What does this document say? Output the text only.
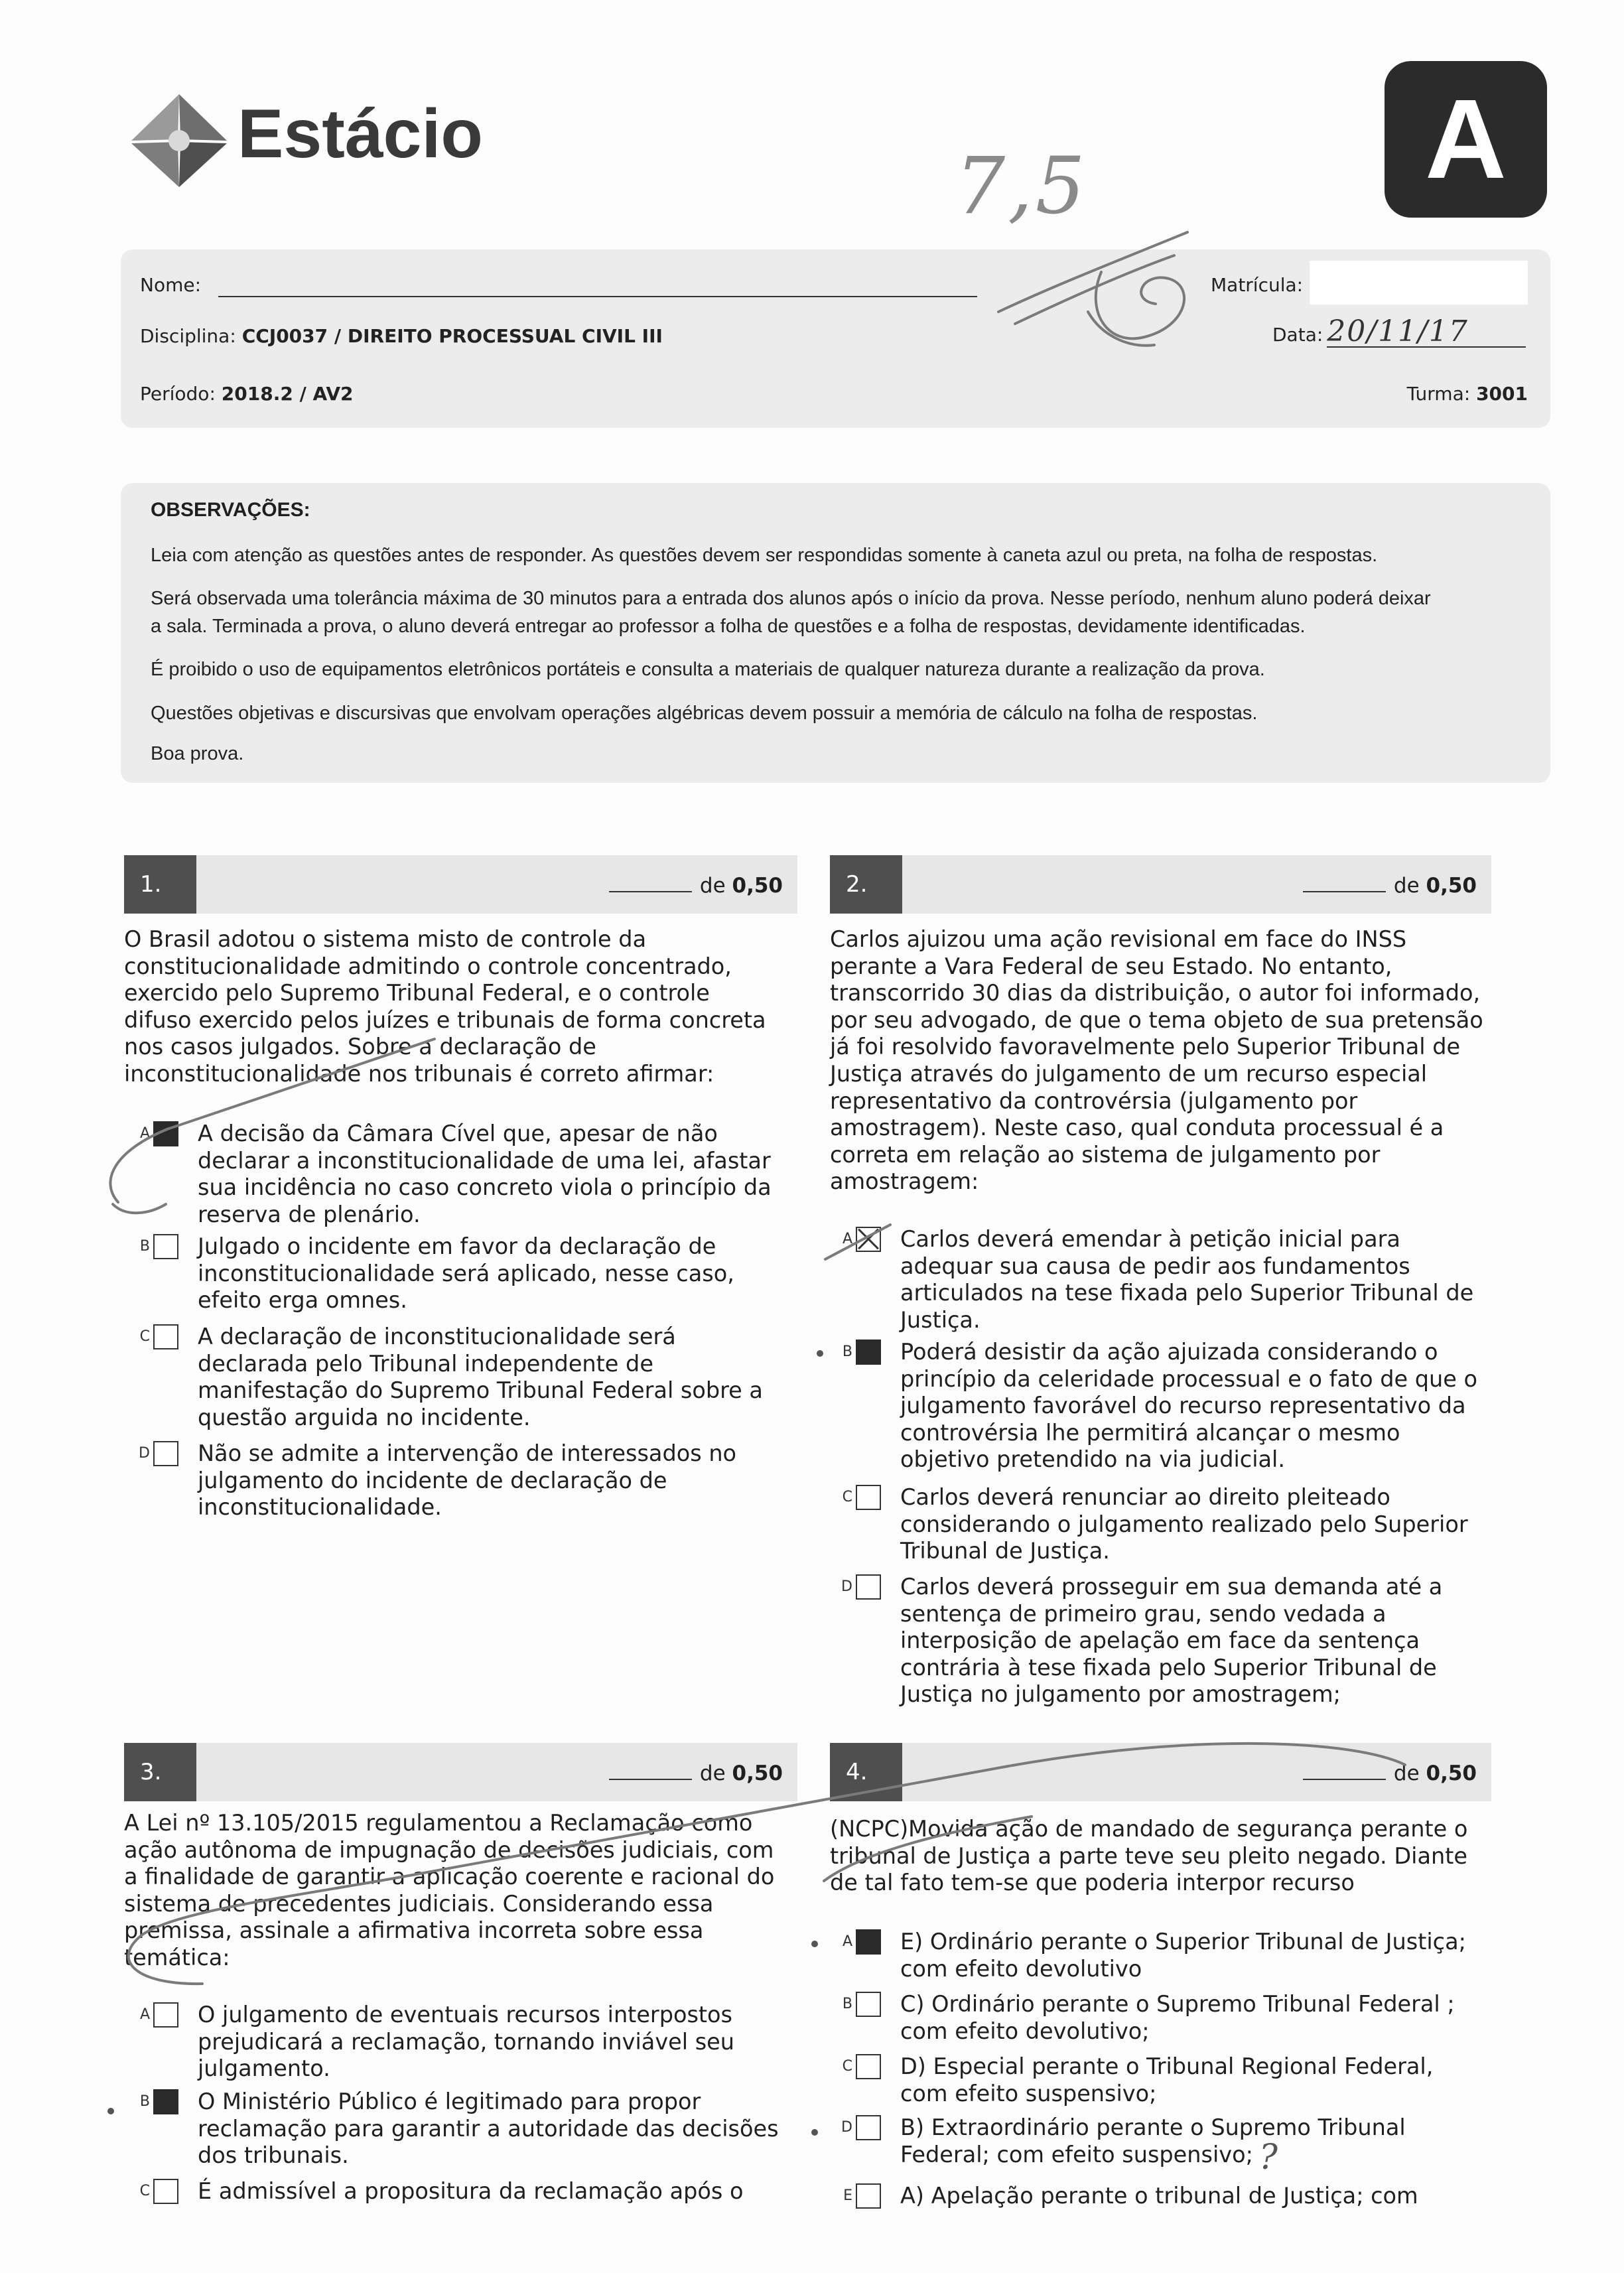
Estácio	A
7,5
Nome:	Matrícula:
Disciplina: CCJ0037 / DIREITO PROCESSUAL CIVIL III	Data: 20/11/17
Período: 2018.2 / AV2	Turma: 3001
OBSERVAÇÕES:
Leia com atenção as questões antes de responder. As questões devem ser respondidas somente à caneta azul ou preta, na folha de respostas.
Será observada uma tolerância máxima de 30 minutos para a entrada dos alunos após o início da prova. Nesse período, nenhum aluno poderá deixar
a sala. Terminada a prova, o aluno deverá entregar ao professor a folha de questões e a folha de respostas, devidamente identificadas.
É proibido o uso de equipamentos eletrônicos portáteis e consulta a materiais de qualquer natureza durante a realização da prova.
Questões objetivas e discursivas que envolvam operações algébricas devem possuir a memória de cálculo na folha de respostas.
Boa prova.
1.	de 0,50
O Brasil adotou o sistema misto de controle da
constitucionalidade admitindo o controle concentrado,
exercido pelo Supremo Tribunal Federal, e o controle
difuso exercido pelos juízes e tribunais de forma concreta
nos casos julgados. Sobre a declaração de
inconstitucionalidade nos tribunais é correto afirmar:
A A decisão da Câmara Cível que, apesar de não
declarar a inconstitucionalidade de uma lei, afastar
sua incidência no caso concreto viola o princípio da
reserva de plenário.
B Julgado o incidente em favor da declaração de
inconstitucionalidade será aplicado, nesse caso,
efeito erga omnes.
C A declaração de inconstitucionalidade será
declarada pelo Tribunal independente de
manifestação do Supremo Tribunal Federal sobre a
questão arguida no incidente.
D Não se admite a intervenção de interessados no
julgamento do incidente de declaração de
inconstitucionalidade.
2.	de 0,50
Carlos ajuizou uma ação revisional em face do INSS
perante a Vara Federal de seu Estado. No entanto,
transcorrido 30 dias da distribuição, o autor foi informado,
por seu advogado, de que o tema objeto de sua pretensão
já foi resolvido favoravelmente pelo Superior Tribunal de
Justiça através do julgamento de um recurso especial
representativo da controvérsia (julgamento por
amostragem). Neste caso, qual conduta processual é a
correta em relação ao sistema de julgamento por
amostragem:
A Carlos deverá emendar à petição inicial para
adequar sua causa de pedir aos fundamentos
articulados na tese fixada pelo Superior Tribunal de
Justiça.
B Poderá desistir da ação ajuizada considerando o
princípio da celeridade processual e o fato de que o
julgamento favorável do recurso representativo da
controvérsia lhe permitirá alcançar o mesmo
objetivo pretendido na via judicial.
C Carlos deverá renunciar ao direito pleiteado
considerando o julgamento realizado pelo Superior
Tribunal de Justiça.
D Carlos deverá prosseguir em sua demanda até a
sentença de primeiro grau, sendo vedada a
interposição de apelação em face da sentença
contrária à tese fixada pelo Superior Tribunal de
Justiça no julgamento por amostragem;
3.	de 0,50
A Lei nº 13.105/2015 regulamentou a Reclamação como
ação autônoma de impugnação de decisões judiciais, com
a finalidade de garantir a aplicação coerente e racional do
sistema de precedentes judiciais. Considerando essa
premissa, assinale a afirmativa incorreta sobre essa
temática:
A O julgamento de eventuais recursos interpostos
prejudicará a reclamação, tornando inviável seu
julgamento.
B O Ministério Público é legitimado para propor
reclamação para garantir a autoridade das decisões
dos tribunais.
C É admissível a propositura da reclamação após o
4.	de 0,50
(NCPC)Movida ação de mandado de segurança perante o
tribunal de Justiça a parte teve seu pleito negado. Diante
de tal fato tem-se que poderia interpor recurso
A E) Ordinário perante o Superior Tribunal de Justiça;
com efeito devolutivo
B C) Ordinário perante o Supremo Tribunal Federal ;
com efeito devolutivo;
C D) Especial perante o Tribunal Regional Federal,
com efeito suspensivo;
D B) Extraordinário perante o Supremo Tribunal
Federal; com efeito suspensivo;
E A) Apelação perante o tribunal de Justiça; com
?
